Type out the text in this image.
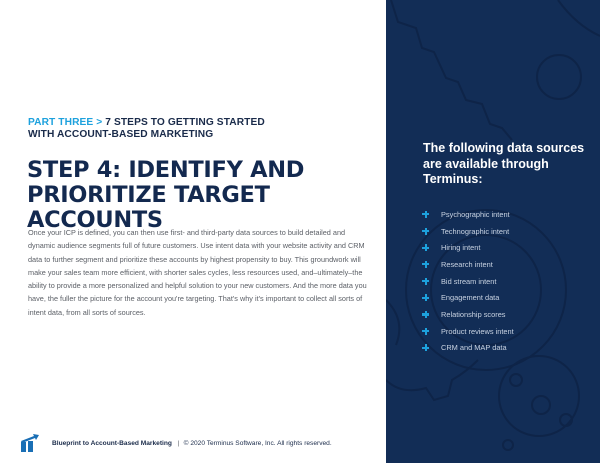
PART THREE > 7 STEPS TO GETTING STARTED
WITH ACCOUNT-BASED MARKETING
STEP 4: IDENTIFY AND
PRIORITIZE TARGET ACCOUNTS

Once your ICP is defined, you can then use first- and third-party data sources to build detailed and dynamic audience segments full of future customers. Use intent data with your website activity and CRM data to further segment and prioritize these accounts by highest propensity to buy. This groundwork will make your sales team more efficient, with shorter sales cycles, less resources used, and–ultimately–the ability to provide a more personalized and helpful solution to your new customers. And the more data you have, the fuller the picture for the account you're targeting. That's why it's important to collect all sorts of intent data, from all sorts of sources.

Blueprint to Account-Based Marketing | © 2020 Terminus Software, Inc. All rights reserved.
The following data sources are available through Terminus:
Psychographic intent
Technographic intent
Hiring intent
Research intent
Bid stream intent
Engagement data
Relationship scores
Product reviews intent
CRM and MAP data
